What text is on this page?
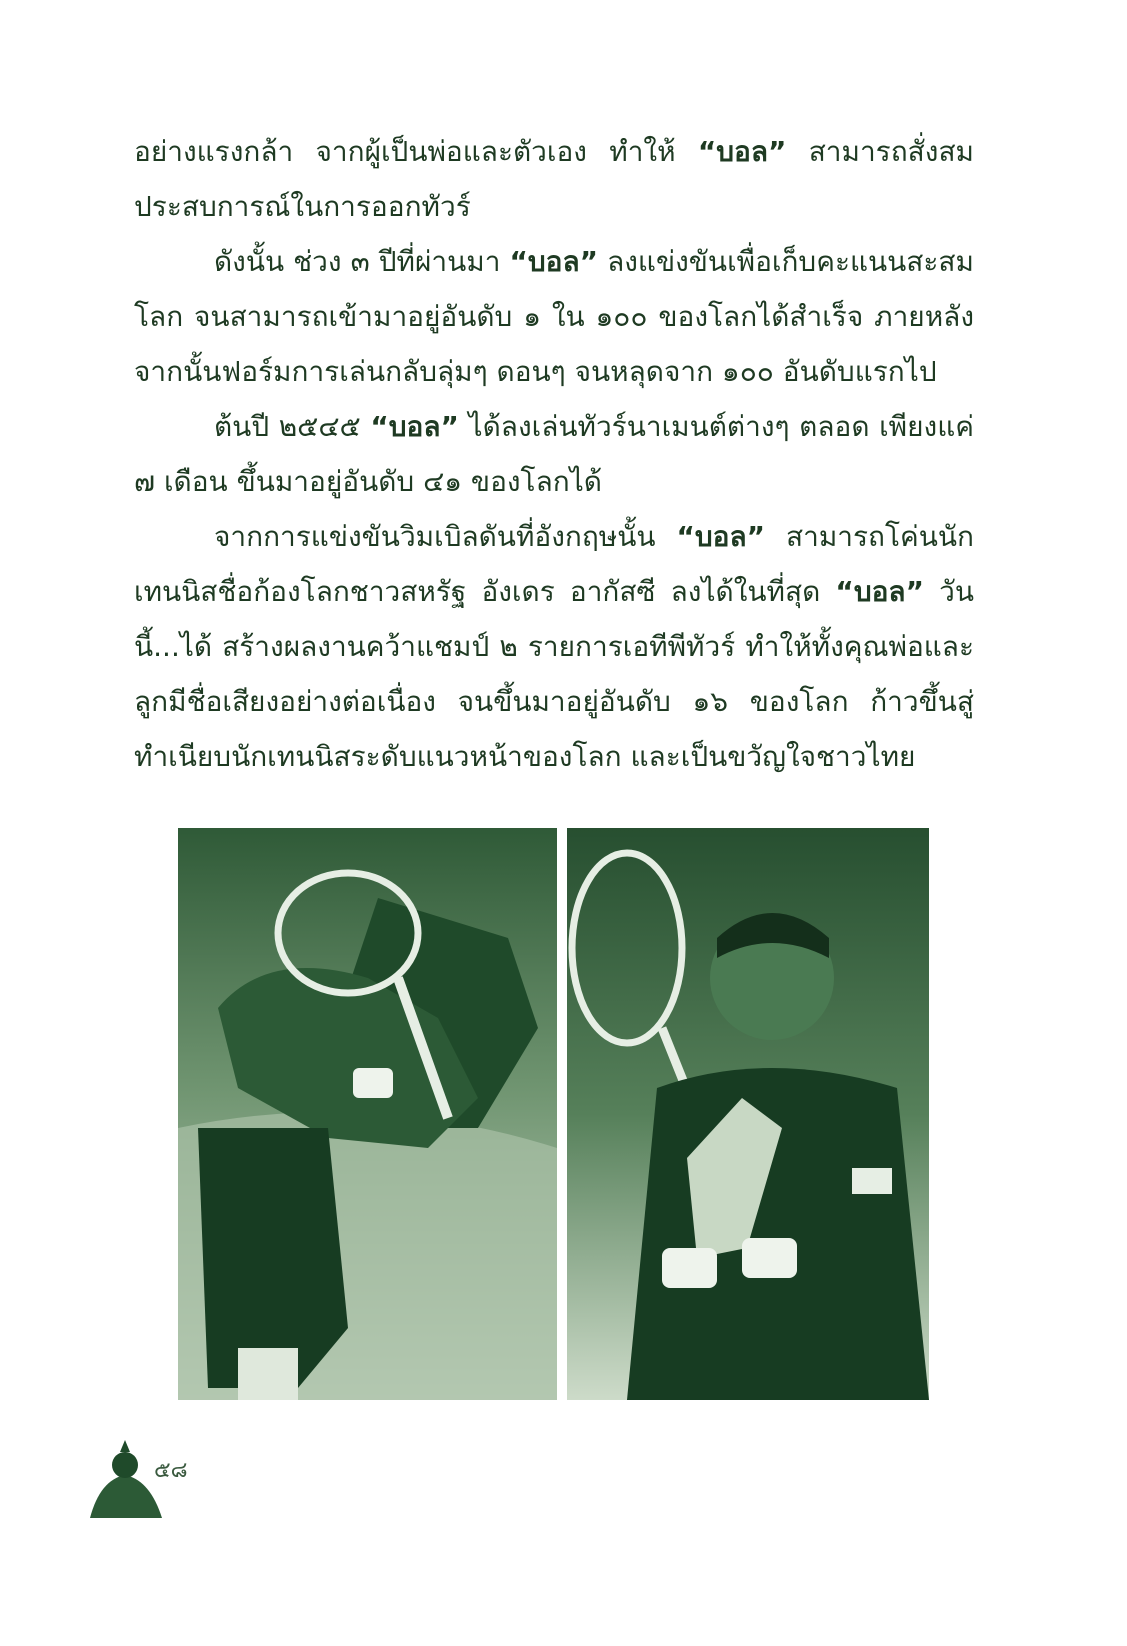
อย่างแรงกล้า จากผู้เป็นพ่อและตัวเอง ทำให้ “บอล” สามารถสั่งสมประสบการณ์ในการออกทัวร์

ดังนั้น ช่วง ๓ ปีที่ผ่านมา “บอล” ลงแข่งขันเพื่อเก็บคะแนนสะสมโลก จนสามารถเข้ามาอยู่อันดับ ๑ ใน ๑๐๐ ของโลกได้สำเร็จ ภายหลังจากนั้นฟอร์มการเล่นกลับลุ่มๆ ดอนๆ จนหลุดจาก ๑๐๐ อันดับแรกไป

ต้นปี ๒๕๔๕ “บอล” ได้ลงเล่นทัวร์นาเมนต์ต่างๆ ตลอด เพียงแค่ ๗ เดือน ขึ้นมาอยู่อันดับ ๔๑ ของโลกได้

จากการแข่งขันวิมเบิลดันที่อังกฤษนั้น “บอล” สามารถโค่นนักเทนนิสชื่อก้องโลกชาวสหรัฐ อังเดร อากัสซี ลงได้ในที่สุด “บอล” วันนี้...ได้ สร้างผลงานคว้าแชมป์ ๒ รายการเอทีพีทัวร์ ทำให้ทั้งคุณพ่อและลูกมีชื่อเสียงอย่างต่อเนื่อง จนขึ้นมาอยู่อันดับ ๑๖ ของโลก ก้าวขึ้นสู่ทำเนียบนักเทนนิสระดับแนวหน้าของโลก และเป็นขวัญใจชาวไทย

๕๘
